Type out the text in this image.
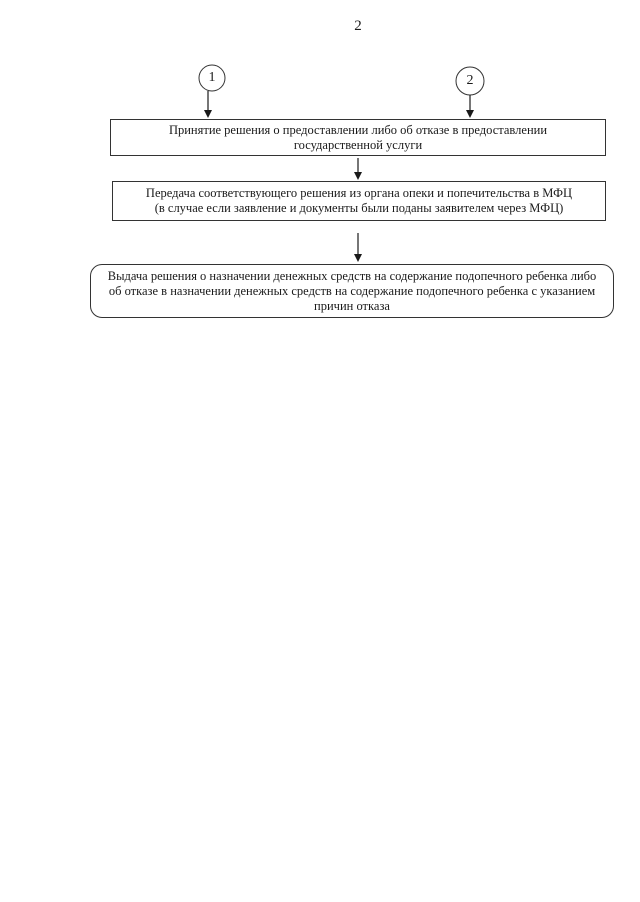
2
1	2
Принятие решения о предоставлении либо об отказе в предоставлении
государственной услуги
Передача соответствующего решения из органа опеки и попечительства в МФЦ
(в случае если заявление и документы были поданы заявителем через МФЦ)
Выдача решения о назначении денежных средств на содержание подопечного ребенка либо
об отказе в назначении денежных средств на содержание подопечного ребенка с указанием
причин отказа
